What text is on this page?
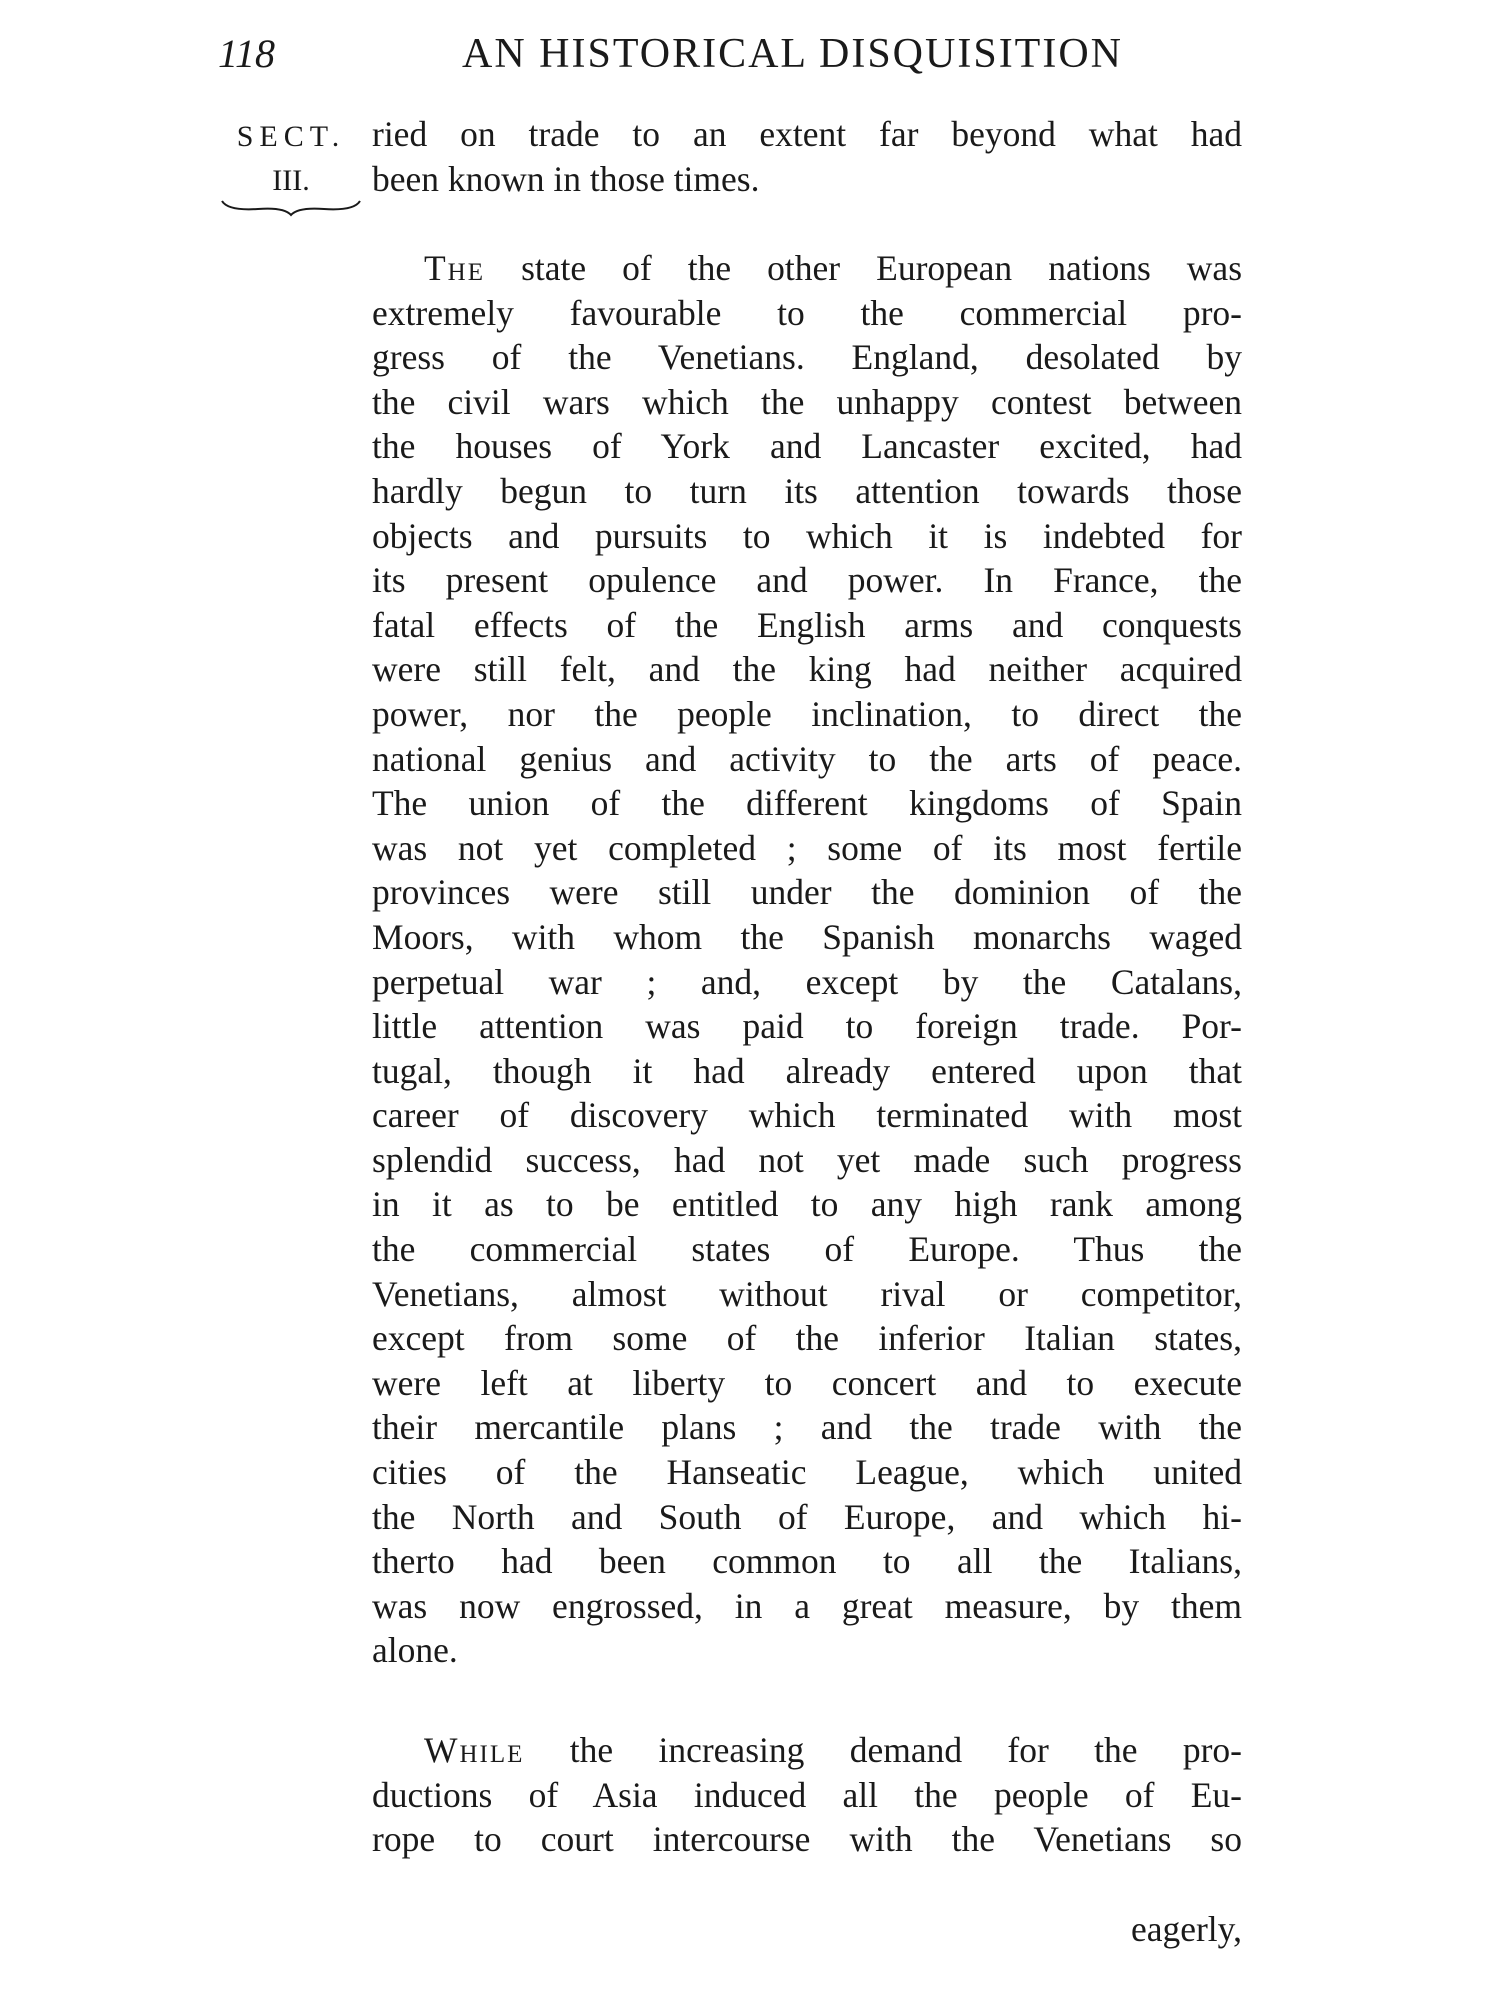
118	AN HISTORICAL DISQUISITION
SECT.
III.
ried on trade to an extent far beyond what had
been known in those times.
The state of the other European nations was
extremely favourable to the commercial pro-
gress of the Venetians. England, desolated by
the civil wars which the unhappy contest between
the houses of York and Lancaster excited, had
hardly begun to turn its attention towards those
objects and pursuits to which it is indebted for
its present opulence and power. In France, the
fatal effects of the English arms and conquests
were still felt, and the king had neither acquired
power, nor the people inclination, to direct the
national genius and activity to the arts of peace.
The union of the different kingdoms of Spain
was not yet completed ; some of its most fertile
provinces were still under the dominion of the
Moors, with whom the Spanish monarchs waged
perpetual war ; and, except by the Catalans,
little attention was paid to foreign trade. Por-
tugal, though it had already entered upon that
career of discovery which terminated with most
splendid success, had not yet made such progress
in it as to be entitled to any high rank among
the commercial states of Europe. Thus the
Venetians, almost without rival or competitor,
except from some of the inferior Italian states,
were left at liberty to concert and to execute
their mercantile plans ; and the trade with the
cities of the Hanseatic League, which united
the North and South of Europe, and which hi-
therto had been common to all the Italians,
was now engrossed, in a great measure, by them
alone.
While the increasing demand for the pro-
ductions of Asia induced all the people of Eu-
rope to court intercourse with the Venetians so
eagerly,
